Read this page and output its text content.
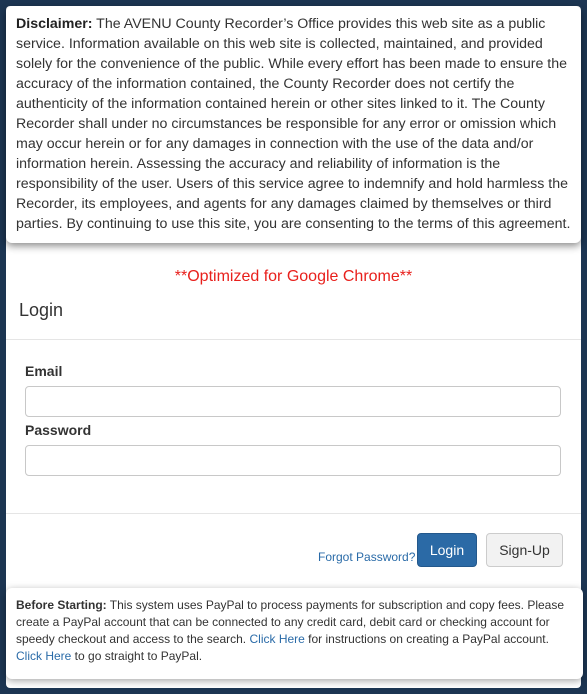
Disclaimer: The AVENU County Recorder’s Office provides this web site as a public service. Information available on this web site is collected, maintained, and provided solely for the convenience of the public. While every effort has been made to ensure the accuracy of the information contained, the County Recorder does not certify the authenticity of the information contained herein or other sites linked to it. The County Recorder shall under no circumstances be responsible for any error or omission which may occur herein or for any damages in connection with the use of the data and/or information herein. Assessing the accuracy and reliability of information is the responsibility of the user. Users of this service agree to indemnify and hold harmless the Recorder, its employees, and agents for any damages claimed by themselves or third parties. By continuing to use this site, you are consenting to the terms of this agreement.
**Optimized for Google Chrome**
Login
Email
Password
Forgot Password?	Login	Sign-Up
Before Starting: This system uses PayPal to process payments for subscription and copy fees. Please create a PayPal account that can be connected to any credit card, debit card or checking account for speedy checkout and access to the search. Click Here for instructions on creating a PayPal account. Click Here to go straight to PayPal.
